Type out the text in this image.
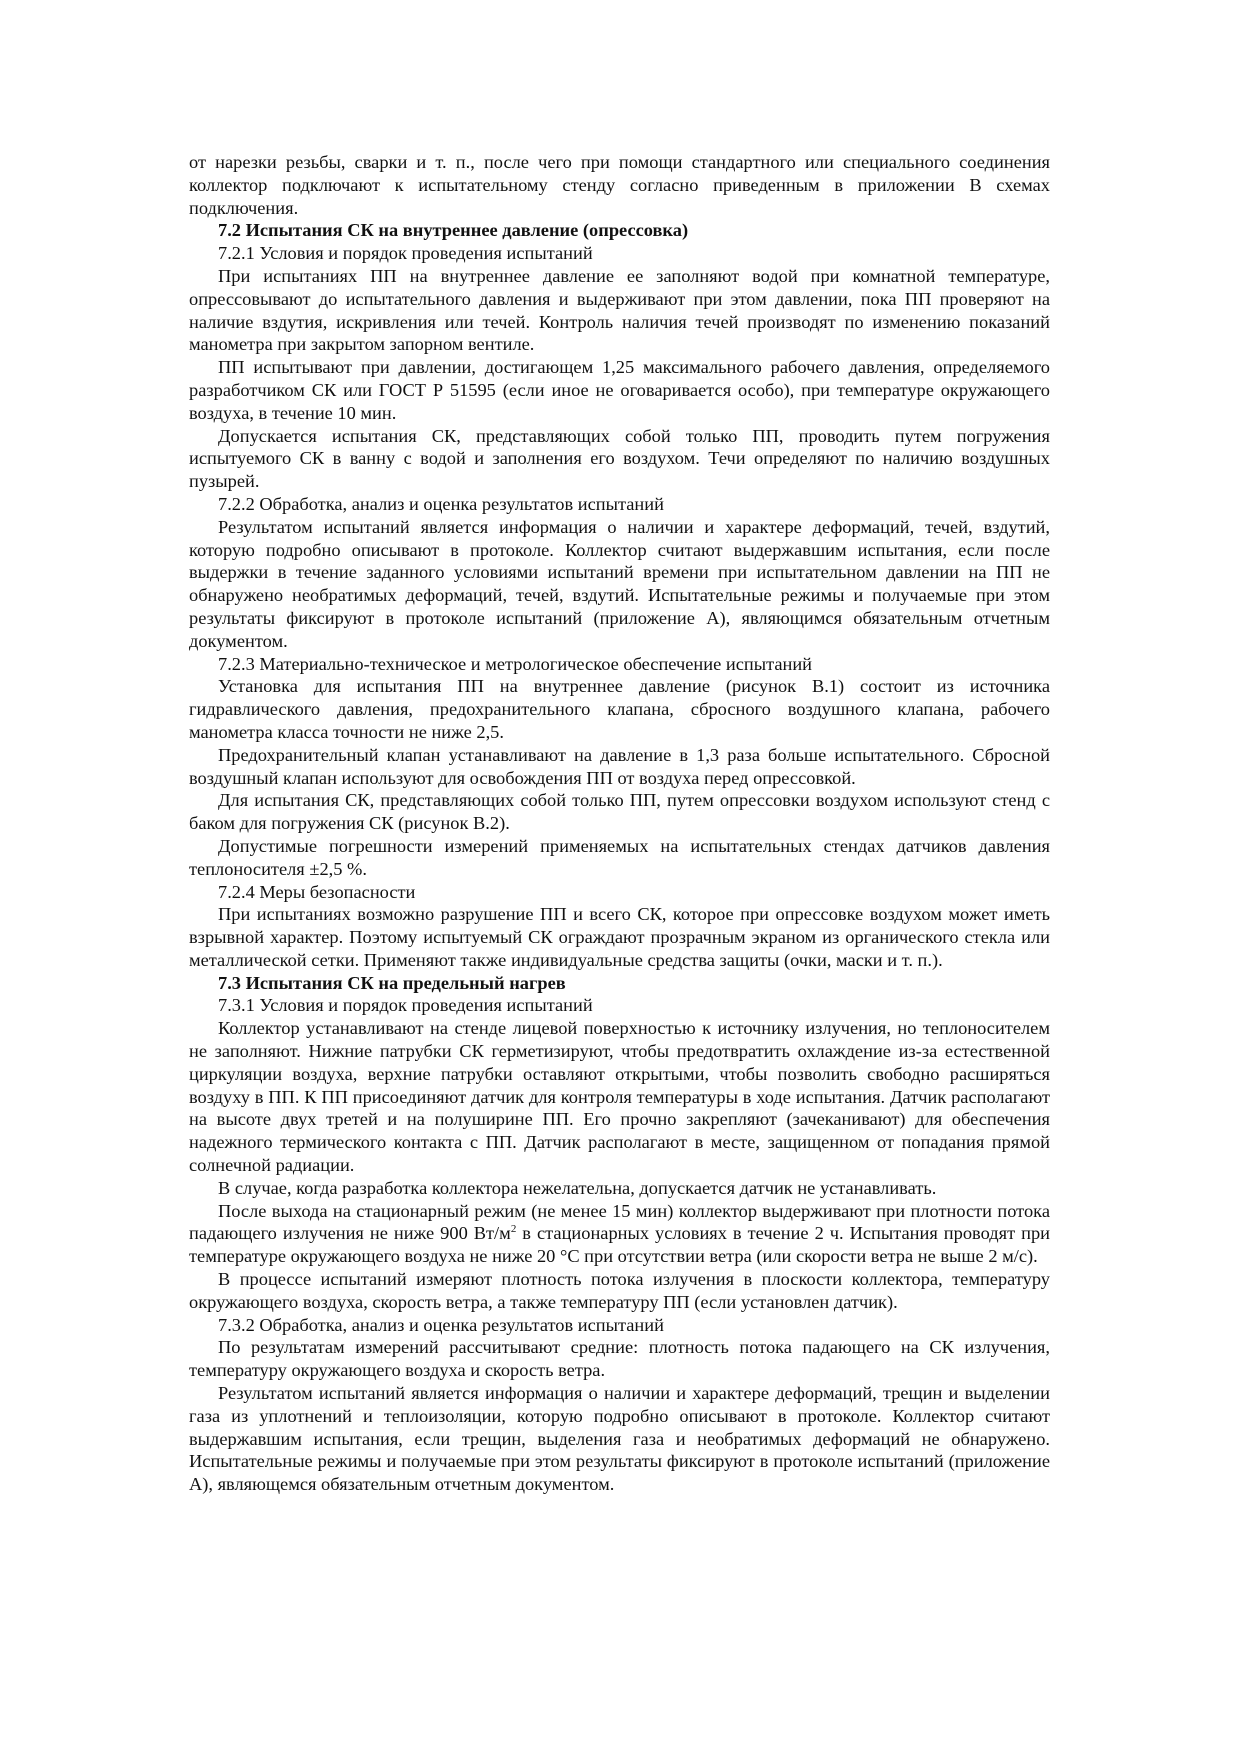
от нарезки резьбы, сварки и т. п., после чего при помощи стандартного или специального соединения коллектор подключают к испытательному стенду согласно приведенным в приложении В схемах подключения.
7.2 Испытания СК на внутреннее давление (опрессовка)
7.2.1 Условия и порядок проведения испытаний
При испытаниях ПП на внутреннее давление ее заполняют водой при комнатной температуре, опрессовывают до испытательного давления и выдерживают при этом давлении, пока ПП проверяют на наличие вздутия, искривления или течей. Контроль наличия течей производят по изменению показаний манометра при закрытом запорном вентиле.
ПП испытывают при давлении, достигающем 1,25 максимального рабочего давления, определяемого разработчиком СК или ГОСТ Р 51595 (если иное не оговаривается особо), при температуре окружающего воздуха, в течение 10 мин.
Допускается испытания СК, представляющих собой только ПП, проводить путем погружения испытуемого СК в ванну с водой и заполнения его воздухом. Течи определяют по наличию воздушных пузырей.
7.2.2 Обработка, анализ и оценка результатов испытаний
Результатом испытаний является информация о наличии и характере деформаций, течей, вздутий, которую подробно описывают в протоколе. Коллектор считают выдержавшим испытания, если после выдержки в течение заданного условиями испытаний времени при испытательном давлении на ПП не обнаружено необратимых деформаций, течей, вздутий. Испытательные режимы и получаемые при этом результаты фиксируют в протоколе испытаний (приложение А), являющимся обязательным отчетным документом.
7.2.3 Материально-техническое и метрологическое обеспечение испытаний
Установка для испытания ПП на внутреннее давление (рисунок В.1) состоит из источника гидравлического давления, предохранительного клапана, сбросного воздушного клапана, рабочего манометра класса точности не ниже 2,5.
Предохранительный клапан устанавливают на давление в 1,3 раза больше испытательного. Сбросной воздушный клапан используют для освобождения ПП от воздуха перед опрессовкой.
Для испытания СК, представляющих собой только ПП, путем опрессовки воздухом используют стенд с баком для погружения СК (рисунок В.2).
Допустимые погрешности измерений применяемых на испытательных стендах датчиков давления теплоносителя ±2,5 %.
7.2.4 Меры безопасности
При испытаниях возможно разрушение ПП и всего СК, которое при опрессовке воздухом может иметь взрывной характер. Поэтому испытуемый СК ограждают прозрачным экраном из органического стекла или металлической сетки. Применяют также индивидуальные средства защиты (очки, маски и т. п.).
7.3 Испытания СК на предельный нагрев
7.3.1 Условия и порядок проведения испытаний
Коллектор устанавливают на стенде лицевой поверхностью к источнику излучения, но теплоносителем не заполняют. Нижние патрубки СК герметизируют, чтобы предотвратить охлаждение из-за естественной циркуляции воздуха, верхние патрубки оставляют открытыми, чтобы позволить свободно расширяться воздуху в ПП. К ПП присоединяют датчик для контроля температуры в ходе испытания. Датчик располагают на высоте двух третей и на полуширине ПП. Его прочно закрепляют (зачеканивают) для обеспечения надежного термического контакта с ПП. Датчик располагают в месте, защищенном от попадания прямой солнечной радиации.
В случае, когда разработка коллектора нежелательна, допускается датчик не устанавливать.
После выхода на стационарный режим (не менее 15 мин) коллектор выдерживают при плотности потока падающего излучения не ниже 900 $Вт/м^2$ в стационарных условиях в течение 2 ч. Испытания проводят при температуре окружающего воздуха не ниже 20 °С при отсутствии ветра (или скорости ветра не выше 2 м/с).
В процессе испытаний измеряют плотность потока излучения в плоскости коллектора, температуру окружающего воздуха, скорость ветра, а также температуру ПП (если установлен датчик).
7.3.2 Обработка, анализ и оценка результатов испытаний
По результатам измерений рассчитывают средние: плотность потока падающего на СК излучения, температуру окружающего воздуха и скорость ветра.
Результатом испытаний является информация о наличии и характере деформаций, трещин и выделении газа из уплотнений и теплоизоляции, которую подробно описывают в протоколе. Коллектор считают выдержавшим испытания, если трещин, выделения газа и необратимых деформаций не обнаружено. Испытательные режимы и получаемые при этом результаты фиксируют в протоколе испытаний (приложение А), являющемся обязательным отчетным документом.
